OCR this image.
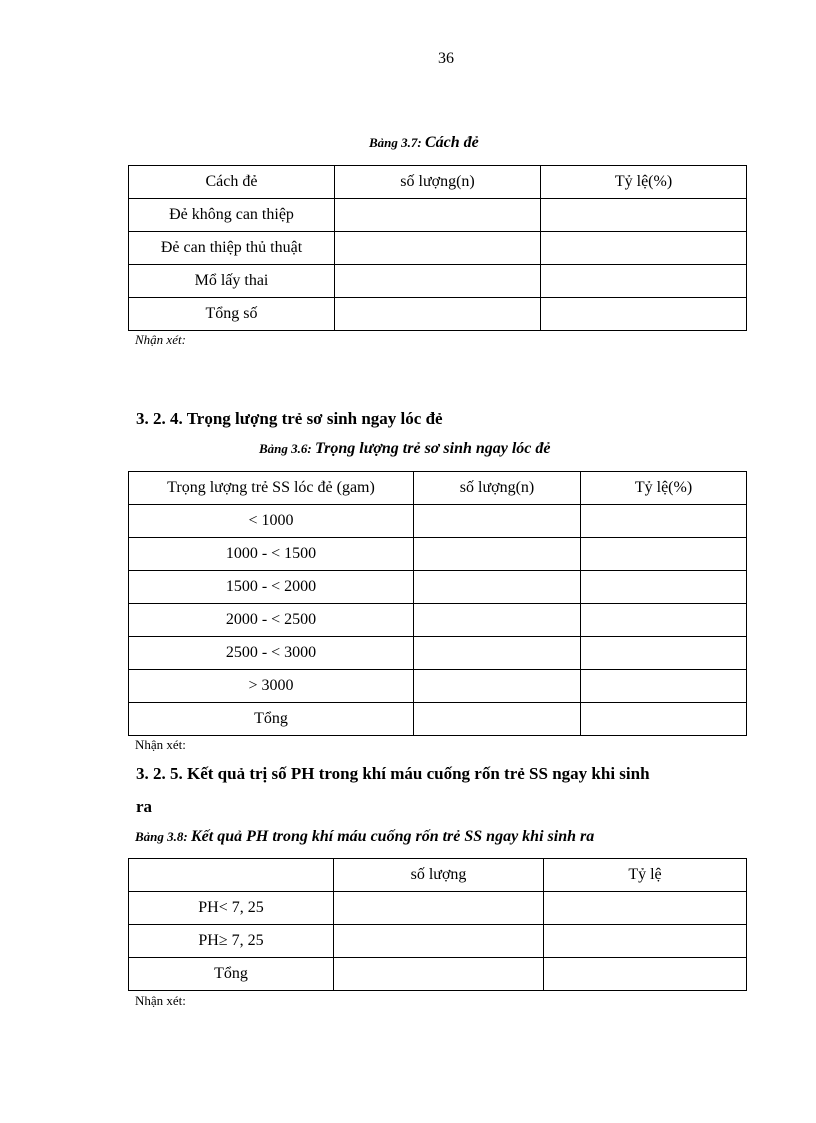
36
Bảng 3.7: Cách đẻ
Cách đẻ	số lượng(n)	Tỷ lệ(%)
Đẻ không can thiệp		
Đẻ can thiệp thủ thuật		
Mổ lấy thai		
Tổng số		
Nhận xét:
3. 2. 4. Trọng lượng trẻ sơ sinh ngay lóc đẻ
Bảng 3.6: Trọng lượng trẻ sơ sinh ngay lóc đẻ
Trọng lượng trẻ SS lóc đẻ (gam)	số lượng(n)	Tỷ lệ(%)
< 1000		
1000 - < 1500		
1500 - < 2000		
2000 - < 2500		
2500 - < 3000		
> 3000		
Tổng		
Nhận xét:
3. 2. 5. Kết quả trị số PH trong khí máu cuống rốn trẻ SS ngay khi sinh
ra
Bảng 3.8: Kết quả PH trong khí máu cuống rốn trẻ SS ngay khi sinh ra
	số lượng	Tỷ lệ
PH< 7, 25		
PH≥ 7, 25		
Tổng		
Nhận xét:
